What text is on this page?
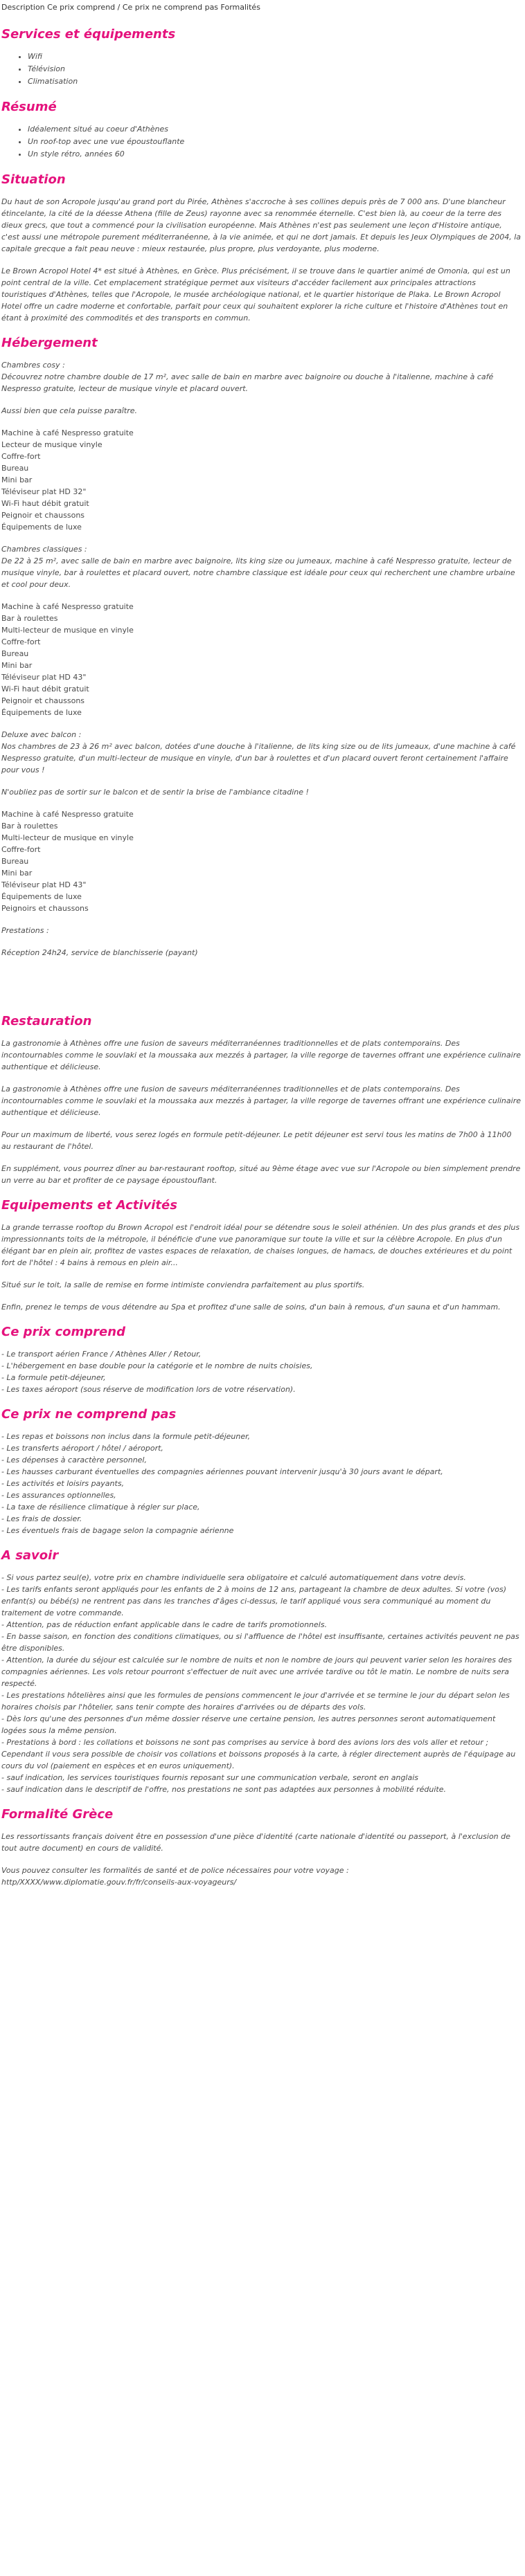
Description Ce prix comprend / Ce prix ne comprend pas Formalités
Services et équipements
• Wifi
• Télévision
• Climatisation
Résumé
• Idéalement situé au coeur d'Athènes
• Un roof-top avec une vue époustouflante
• Un style rétro, années 60
Situation

Du haut de son Acropole jusqu'au grand port du Pirée, Athènes s'accroche à ses collines depuis près de 7 000 ans. D'une blancheur étincelante, la cité de la déesse Athena (fille de Zeus) rayonne avec sa renommée éternelle. C'est bien là, au coeur de la terre des dieux grecs, que tout a commencé pour la civilisation européenne. Mais Athènes n'est pas seulement une leçon d'Histoire antique, c'est aussi une métropole purement méditerranéenne, à la vie animée, et qui ne dort jamais. Et depuis les Jeux Olympiques de 2004, la capitale grecque a fait peau neuve : mieux restaurée, plus propre, plus verdoyante, plus moderne.

Le Brown Acropol Hotel 4* est situé à Athènes, en Grèce. Plus précisément, il se trouve dans le quartier animé de Omonia, qui est un point central de la ville. Cet emplacement stratégique permet aux visiteurs d'accéder facilement aux principales attractions touristiques d'Athènes, telles que l'Acropole, le musée archéologique national, et le quartier historique de Plaka. Le Brown Acropol Hotel offre un cadre moderne et confortable, parfait pour ceux qui souhaitent explorer la riche culture et l'histoire d'Athènes tout en étant à proximité des commodités et des transports en commun.

Hébergement
Chambres cosy :
Découvrez notre chambre double de 17 m², avec salle de bain en marbre avec baignoire ou douche à l'italienne, machine à café Nespresso gratuite, lecteur de musique vinyle et placard ouvert.

Aussi bien que cela puisse paraître.

Machine à café Nespresso gratuite
Lecteur de musique vinyle
Coffre-fort
Bureau
Mini bar
Téléviseur plat HD 32"
Wi-Fi haut débit gratuit
Peignoir et chaussons
Équipements de luxe
Chambres classiques :
De 22 à 25 m², avec salle de bain en marbre avec baignoire, lits king size ou jumeaux, machine à café Nespresso gratuite, lecteur de musique vinyle, bar à roulettes et placard ouvert, notre chambre classique est idéale pour ceux qui recherchent une chambre urbaine et cool pour deux.
Machine à café Nespresso gratuite
Bar à roulettes
Multi-lecteur de musique en vinyle
Coffre-fort
Bureau
Mini bar
Téléviseur plat HD 43"
Wi-Fi haut débit gratuit
Peignoir et chaussons
Équipements de luxe
Deluxe avec balcon :
Nos chambres de 23 à 26 m² avec balcon, dotées d'une douche à l'italienne, de lits king size ou de lits jumeaux, d'une machine à café Nespresso gratuite, d'un multi-lecteur de musique en vinyle, d'un bar à roulettes et d'un placard ouvert feront certainement l'affaire pour vous !

N'oubliez pas de sortir sur le balcon et de sentir la brise de l'ambiance citadine !

Machine à café Nespresso gratuite
Bar à roulettes
Multi-lecteur de musique en vinyle
Coffre-fort
Bureau
Mini bar
Téléviseur plat HD 43"
Équipements de luxe
Peignoirs et chaussons

Prestations :

Réception 24h24, service de blanchisserie (payant)

Restauration

La gastronomie à Athènes offre une fusion de saveurs méditerranéennes traditionnelles et de plats contemporains. Des incontournables comme le souvlaki et la moussaka aux mezzés à partager, la ville regorge de tavernes offrant une expérience culinaire authentique et délicieuse.

La gastronomie à Athènes offre une fusion de saveurs méditerranéennes traditionnelles et de plats contemporains. Des incontournables comme le souvlaki et la moussaka aux mezzés à partager, la ville regorge de tavernes offrant une expérience culinaire authentique et délicieuse.

Pour un maximum de liberté, vous serez logés en formule petit-déjeuner. Le petit déjeuner est servi tous les matins de 7h00 à 11h00 au restaurant de l'hôtel.

En supplément, vous pourrez dîner au bar-restaurant rooftop, situé au 9ème étage avec vue sur l'Acropole ou bien simplement prendre un verre au bar et profiter de ce paysage époustouflant.

Equipements et Activités

La grande terrasse rooftop du Brown Acropol est l'endroit idéal pour se détendre sous le soleil athénien. Un des plus grands et des plus impressionnants toits de la métropole, il bénéficie d'une vue panoramique sur toute la ville et sur la célèbre Acropole. En plus d'un élégant bar en plein air, profitez de vastes espaces de relaxation, de chaises longues, de hamacs, de douches extérieures et du point fort de l'hôtel : 4 bains à remous en plein air...

Situé sur le toit, la salle de remise en forme intimiste conviendra parfaitement au plus sportifs.

Enfin, prenez le temps de vous détendre au Spa et profitez d'une salle de soins, d'un bain à remous, d'un sauna et d'un hammam.

Ce prix comprend
- Le transport aérien France / Athènes Aller / Retour,
- L'hébergement en base double pour la catégorie et le nombre de nuits choisies,
- La formule petit-déjeuner,
- Les taxes aéroport (sous réserve de modification lors de votre réservation).
Ce prix ne comprend pas
- Les repas et boissons non inclus dans la formule petit-déjeuner,
- Les transferts aéroport / hôtel / aéroport,
- Les dépenses à caractère personnel,
- Les hausses carburant éventuelles des compagnies aériennes pouvant intervenir jusqu'à 30 jours avant le départ,
- Les activités et loisirs payants,
- Les assurances optionnelles,
- La taxe de résilience climatique à régler sur place,
- Les frais de dossier.
- Les éventuels frais de bagage selon la compagnie aérienne
A savoir
- Si vous partez seul(e), votre prix en chambre individuelle sera obligatoire et calculé automatiquement dans votre devis.
- Les tarifs enfants seront appliqués pour les enfants de 2 à moins de 12 ans, partageant la chambre de deux adultes. Si votre (vos) enfant(s) ou bébé(s) ne rentrent pas dans les tranches d'âges ci-dessus, le tarif appliqué vous sera communiqué au moment du traitement de votre commande.
- Attention, pas de réduction enfant applicable dans le cadre de tarifs promotionnels.
- En basse saison, en fonction des conditions climatiques, ou si l'affluence de l'hôtel est insuffisante, certaines activités peuvent ne pas être disponibles.
- Attention, la durée du séjour est calculée sur le nombre de nuits et non le nombre de jours qui peuvent varier selon les horaires des compagnies aériennes. Les vols retour pourront s'effectuer de nuit avec une arrivée tardive ou tôt le matin. Le nombre de nuits sera respecté.
- Les prestations hôtelières ainsi que les formules de pensions commencent le jour d'arrivée et se termine le jour du départ selon les horaires choisis par l'hôtelier, sans tenir compte des horaires d'arrivées ou de départs des vols.
- Dès lors qu'une des personnes d'un même dossier réserve une certaine pension, les autres personnes seront automatiquement logées sous la même pension.
- Prestations à bord : les collations et boissons ne sont pas comprises au service à bord des avions lors des vols aller et retour ; Cependant il vous sera possible de choisir vos collations et boissons proposés à la carte, à régler directement auprès de l'équipage au cours du vol (paiement en espèces et en euros uniquement).
- sauf indication, les services touristiques fournis reposant sur une communication verbale, seront en anglais
- sauf indication dans le descriptif de l'offre, nos prestations ne sont pas adaptées aux personnes à mobilité réduite.
Formalité Grèce

Les ressortissants français doivent être en possession d'une pièce d'identité (carte nationale d'identité ou passeport, à l'exclusion de tout autre document) en cours de validité.

Vous pouvez consulter les formalités de santé et de police nécessaires pour votre voyage :
http/XXXX/www.diplomatie.gouv.fr/fr/conseils-aux-voyageurs/
